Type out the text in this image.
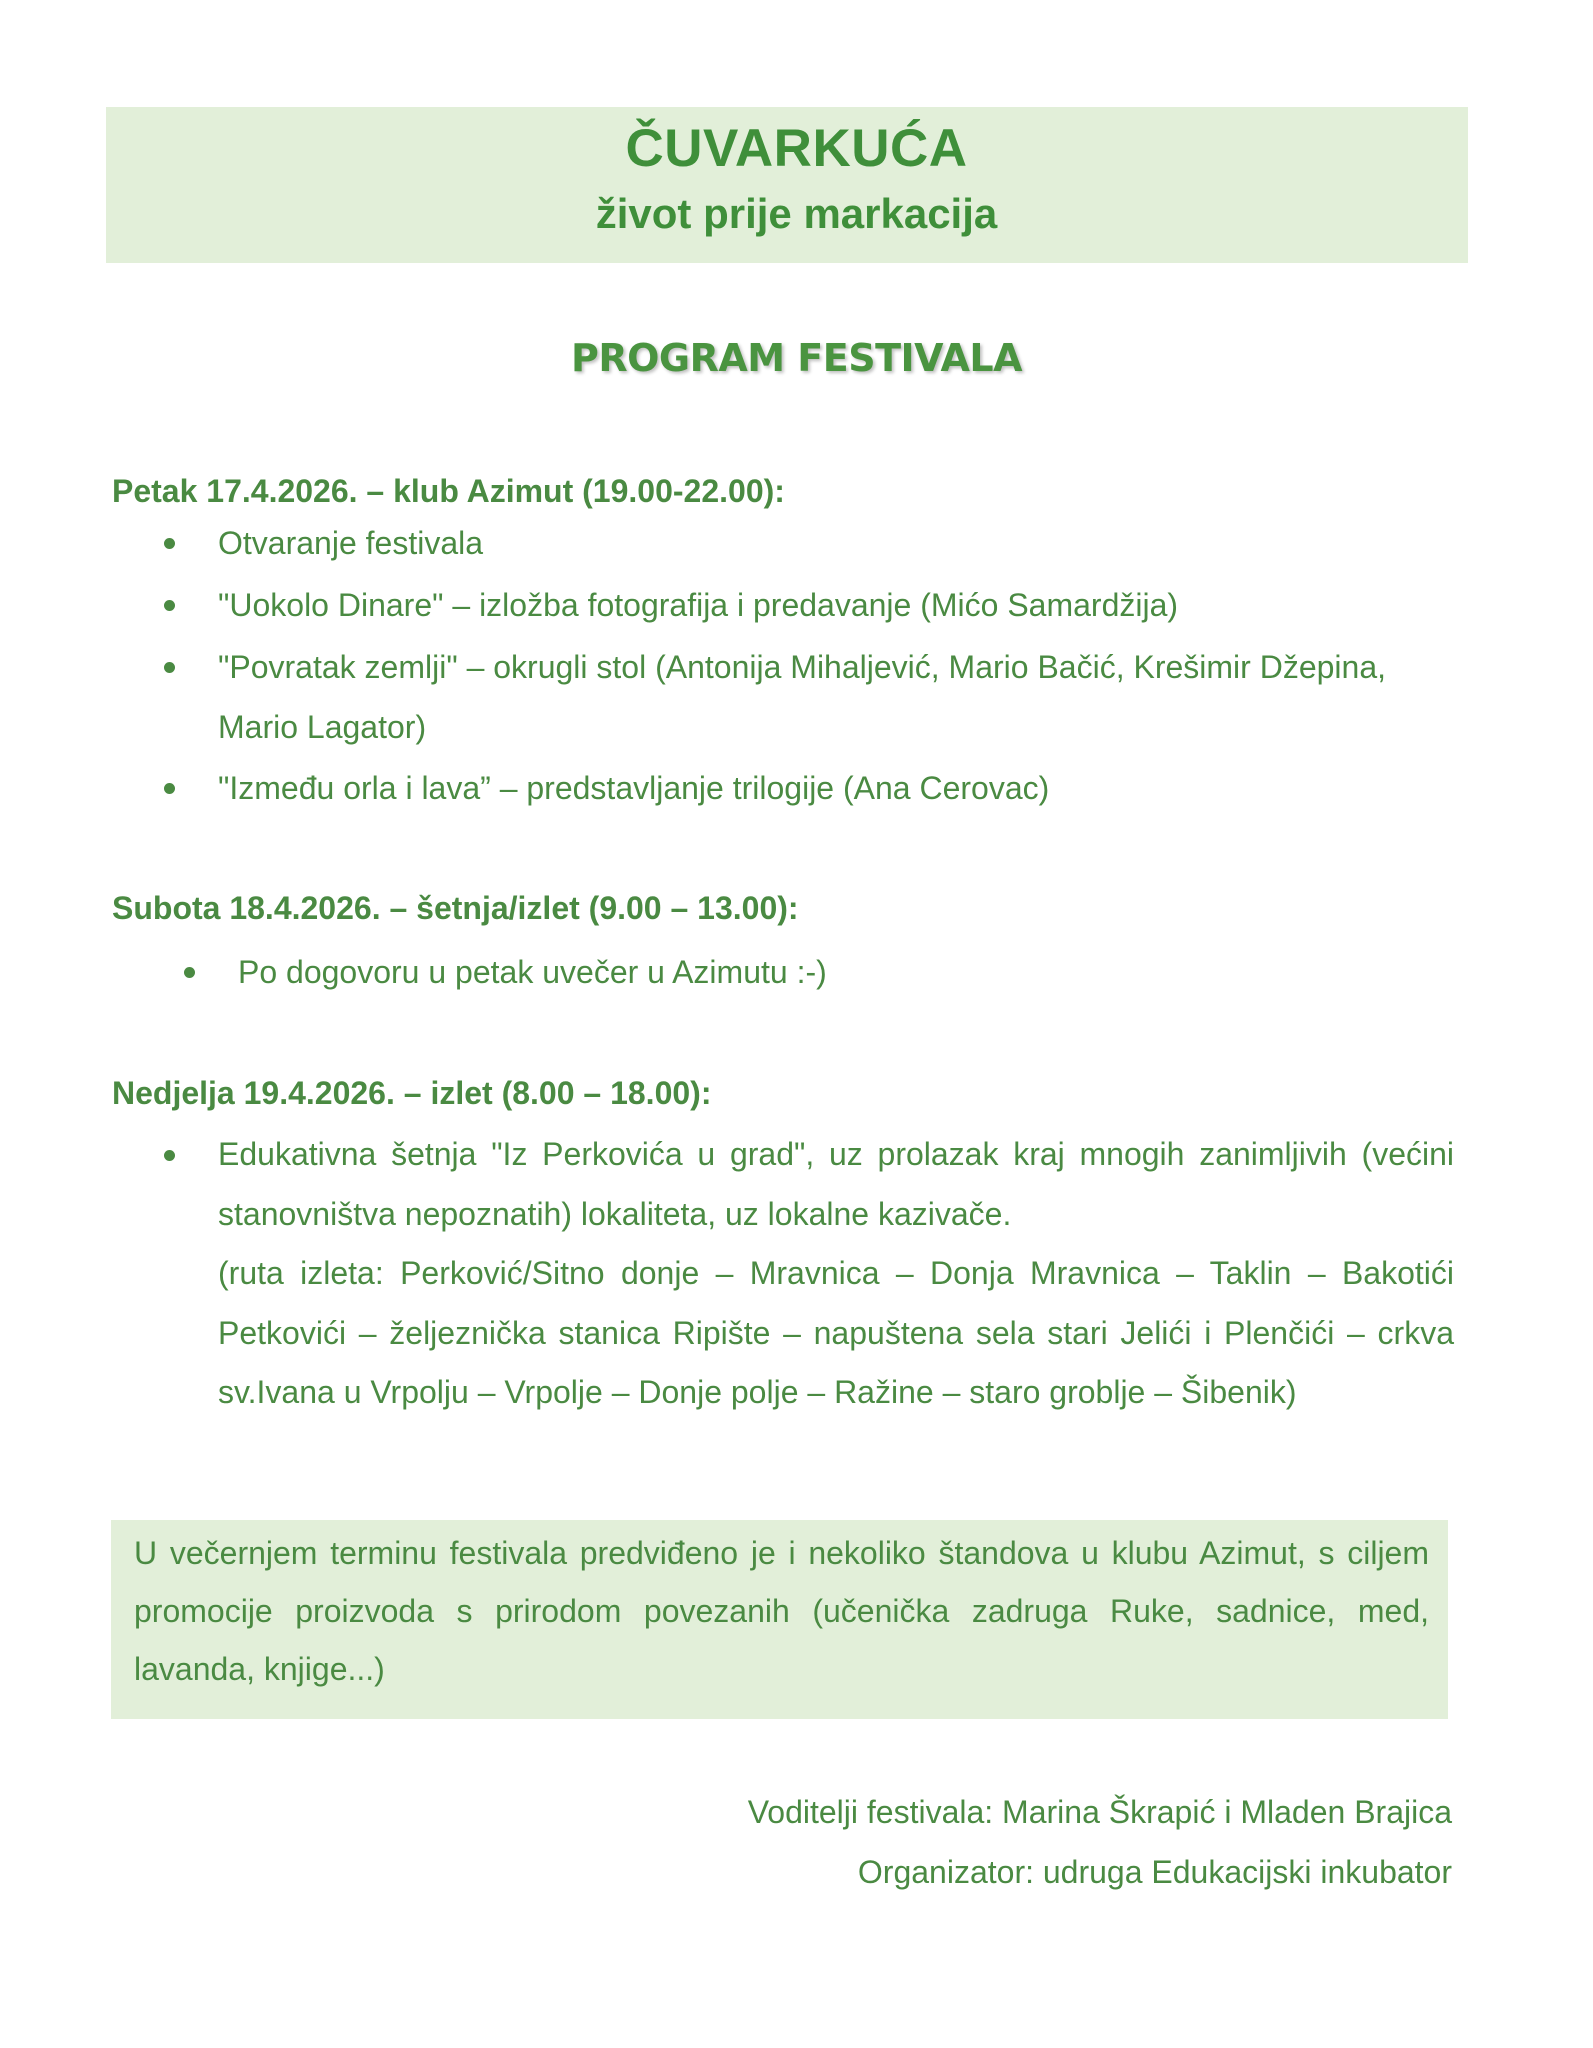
ČUVARKUĆA
život prije markacija
PROGRAM FESTIVALA
Petak 17.4.2026. – klub Azimut (19.00-22.00):
Otvaranje festivala
"Uokolo Dinare" – izložba fotografija i predavanje (Mićo Samardžija)
"Povratak zemlji" – okrugli stol (Antonija Mihaljević, Mario Bačić, Krešimir Džepina, Mario Lagator)
"Između orla i lava” – predstavljanje trilogije (Ana Cerovac)
Subota 18.4.2026. – šetnja/izlet (9.00 – 13.00):
Po dogovoru u petak uvečer u Azimutu :-)
Nedjelja 19.4.2026. – izlet (8.00 – 18.00):
Edukativna šetnja "Iz Perkovića u grad", uz prolazak kraj mnogih zanimljivih (većini stanovništva nepoznatih) lokaliteta, uz lokalne kazivače.
(ruta izleta: Perković/Sitno donje – Mravnica – Donja Mravnica – Taklin – Bakotići Petkovići – željeznička stanica Ripište – napuštena sela stari Jelići i Plenčići – crkva sv.Ivana u Vrpolju – Vrpolje – Donje polje – Ražine – staro groblje – Šibenik)
U večernjem terminu festivala predviđeno je i nekoliko štandova u klubu Azimut, s ciljem promocije proizvoda s prirodom povezanih (učenička zadruga Ruke, sadnice, med, lavanda, knjige...)
Voditelji festivala: Marina Škrapić i Mladen Brajica
Organizator: udruga Edukacijski inkubator
